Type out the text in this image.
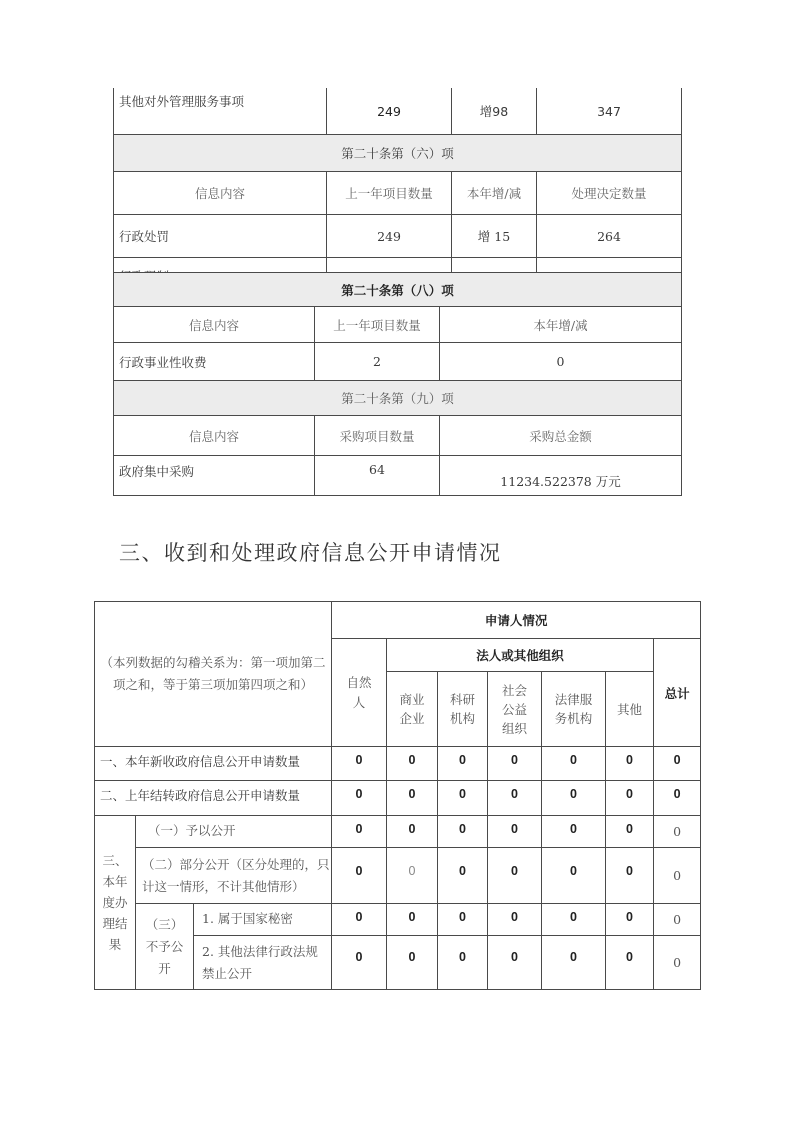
其他对外管理服务事项	249	增98	347
第二十条第（六）项			
信息内容	上一年项目数量	本年增/减	处理决定数量
行政处罚	249	增 15	264

第二十条第（八）项		
信息内容	上一年项目数量	本年增/减
行政事业性收费	2	0
第二十条第（九）项		
信息内容	采购项目数量	采购总金额
政府集中采购	64	11234.522378 万元
三、收到和处理政府信息公开申请情况
（本列数据的勾稽关系为：第一项加第二项之和，等于第三项加第四项之和）			申请人情况						
			自然人	法人或其他组织					总计
				商业企业	科研机构	社会公益组织	法律服务机构	其他	
一、本年新收政府信息公开申请数量			0	0	0	0	0	0	0
二、上年结转政府信息公开申请数量			0	0	0	0	0	0	0
三、本年度办理结果	（一）予以公开		0	0	0	0	0	0	0
	（二）部分公开（区分处理的，只计这一情形，不计其他情形）		0	0	0	0	0	0	0
	（三）不予公开	1. 属于国家秘密	0	0	0	0	0	0	0
		2. 其他法律行政法规禁止公开	0	0	0	0	0	0	0
